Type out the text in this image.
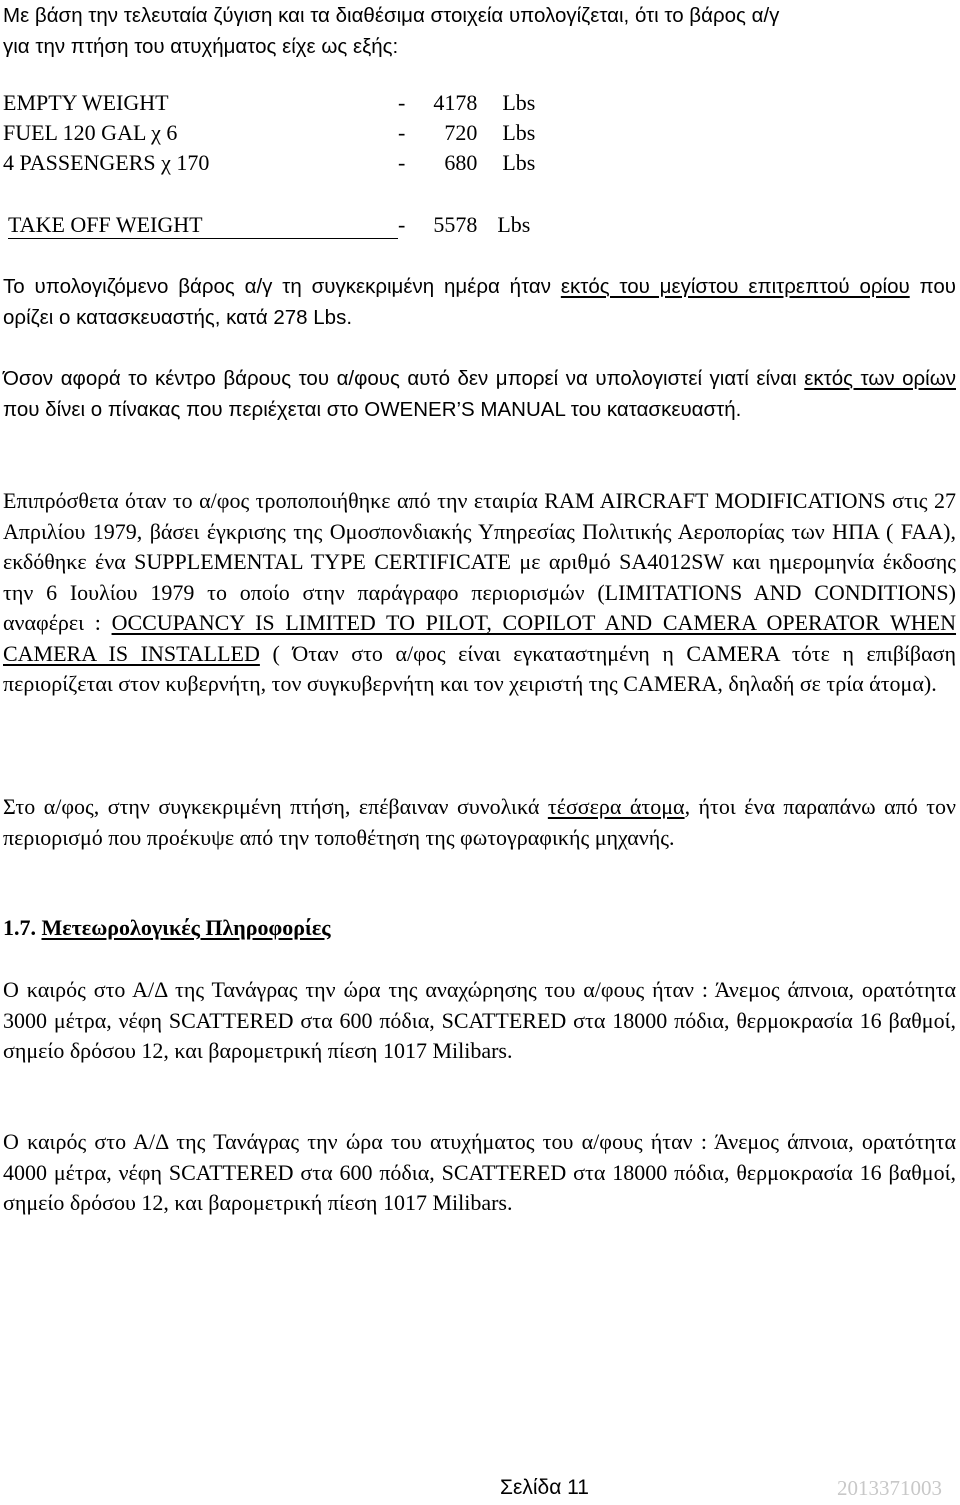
Με βάση την τελευταία ζύγιση και τα διαθέσιμα στοιχεία υπολογίζεται, ότι το βάρος α/γ
για την πτήση του ατυχήματος είχε ως εξής:
EMPTY WEIGHT	- 4178 Lbs
FUEL 120 GAL χ 6	- 720 Lbs
4 PASSENGERS χ 170	- 680 Lbs
TAKE OFF WEIGHT	- 5578 Lbs

Το υπολογιζόμενο βάρος α/γ τη συγκεκριμένη ημέρα ήταν εκτός του μεγίστου επιτρεπτού ορίου που ορίζει ο κατασκευαστής, κατά 278 Lbs.

Όσον αφορά το κέντρο βάρους του α/φους αυτό δεν μπορεί να υπολογιστεί γιατί είναι εκτός των ορίων που δίνει ο πίνακας που περιέχεται στο OWENER’S MANUAL του κατασκευαστή.

Επιπρόσθετα όταν το α/φος τροποποιήθηκε από την εταιρία RAM AIRCRAFT MODIFICATIONS στις 27 Απριλίου 1979, βάσει έγκρισης της Ομοσπονδιακής Υπηρεσίας Πολιτικής Αεροπορίας των ΗΠΑ ( FAA), εκδόθηκε ένα SUPPLEMENTAL TYPE CERTIFICATE με αριθμό SA4012SW και ημερομηνία έκδοσης την 6 Ιουλίου 1979 το οποίο στην παράγραφο περιορισμών (LIMITATIONS AND CONDITIONS) αναφέρει : OCCUPANCY IS LIMITED TO PILOT, COPILOT AND CAMERA OPERATOR WHEN CAMERA IS INSTALLED ( Όταν στο α/φος είναι εγκαταστημένη η CAMERA τότε η επιβίβαση περιορίζεται στον κυβερνήτη, τον συγκυβερνήτη και τον χειριστή της CAMERA, δηλαδή σε τρία άτομα).

Στο α/φος, στην συγκεκριμένη πτήση, επέβαιναν συνολικά τέσσερα άτομα, ήτοι ένα παραπάνω από τον περιορισμό που προέκυψε από την τοποθέτηση της φωτογραφικής μηχανής.

1.7. Μετεωρολογικές Πληροφορίες

Ο καιρός στο Α/Δ της Τανάγρας την ώρα της αναχώρησης του α/φους ήταν : Άνεμος άπνοια, ορατότητα 3000 μέτρα, νέφη SCATTERED στα 600 πόδια, SCATTERED στα 18000 πόδια, θερμοκρασία 16 βαθμοί, σημείο δρόσου 12, και βαρομετρική πίεση 1017 Milibars.

Ο καιρός στο Α/Δ της Τανάγρας την ώρα του ατυχήματος του α/φους ήταν : Άνεμος άπνοια, ορατότητα 4000 μέτρα, νέφη SCATTERED στα 600 πόδια, SCATTERED στα 18000 πόδια, θερμοκρασία 16 βαθμοί, σημείο δρόσου 12, και βαρομετρική πίεση 1017 Milibars.

Σελίδα 11	2013371003
